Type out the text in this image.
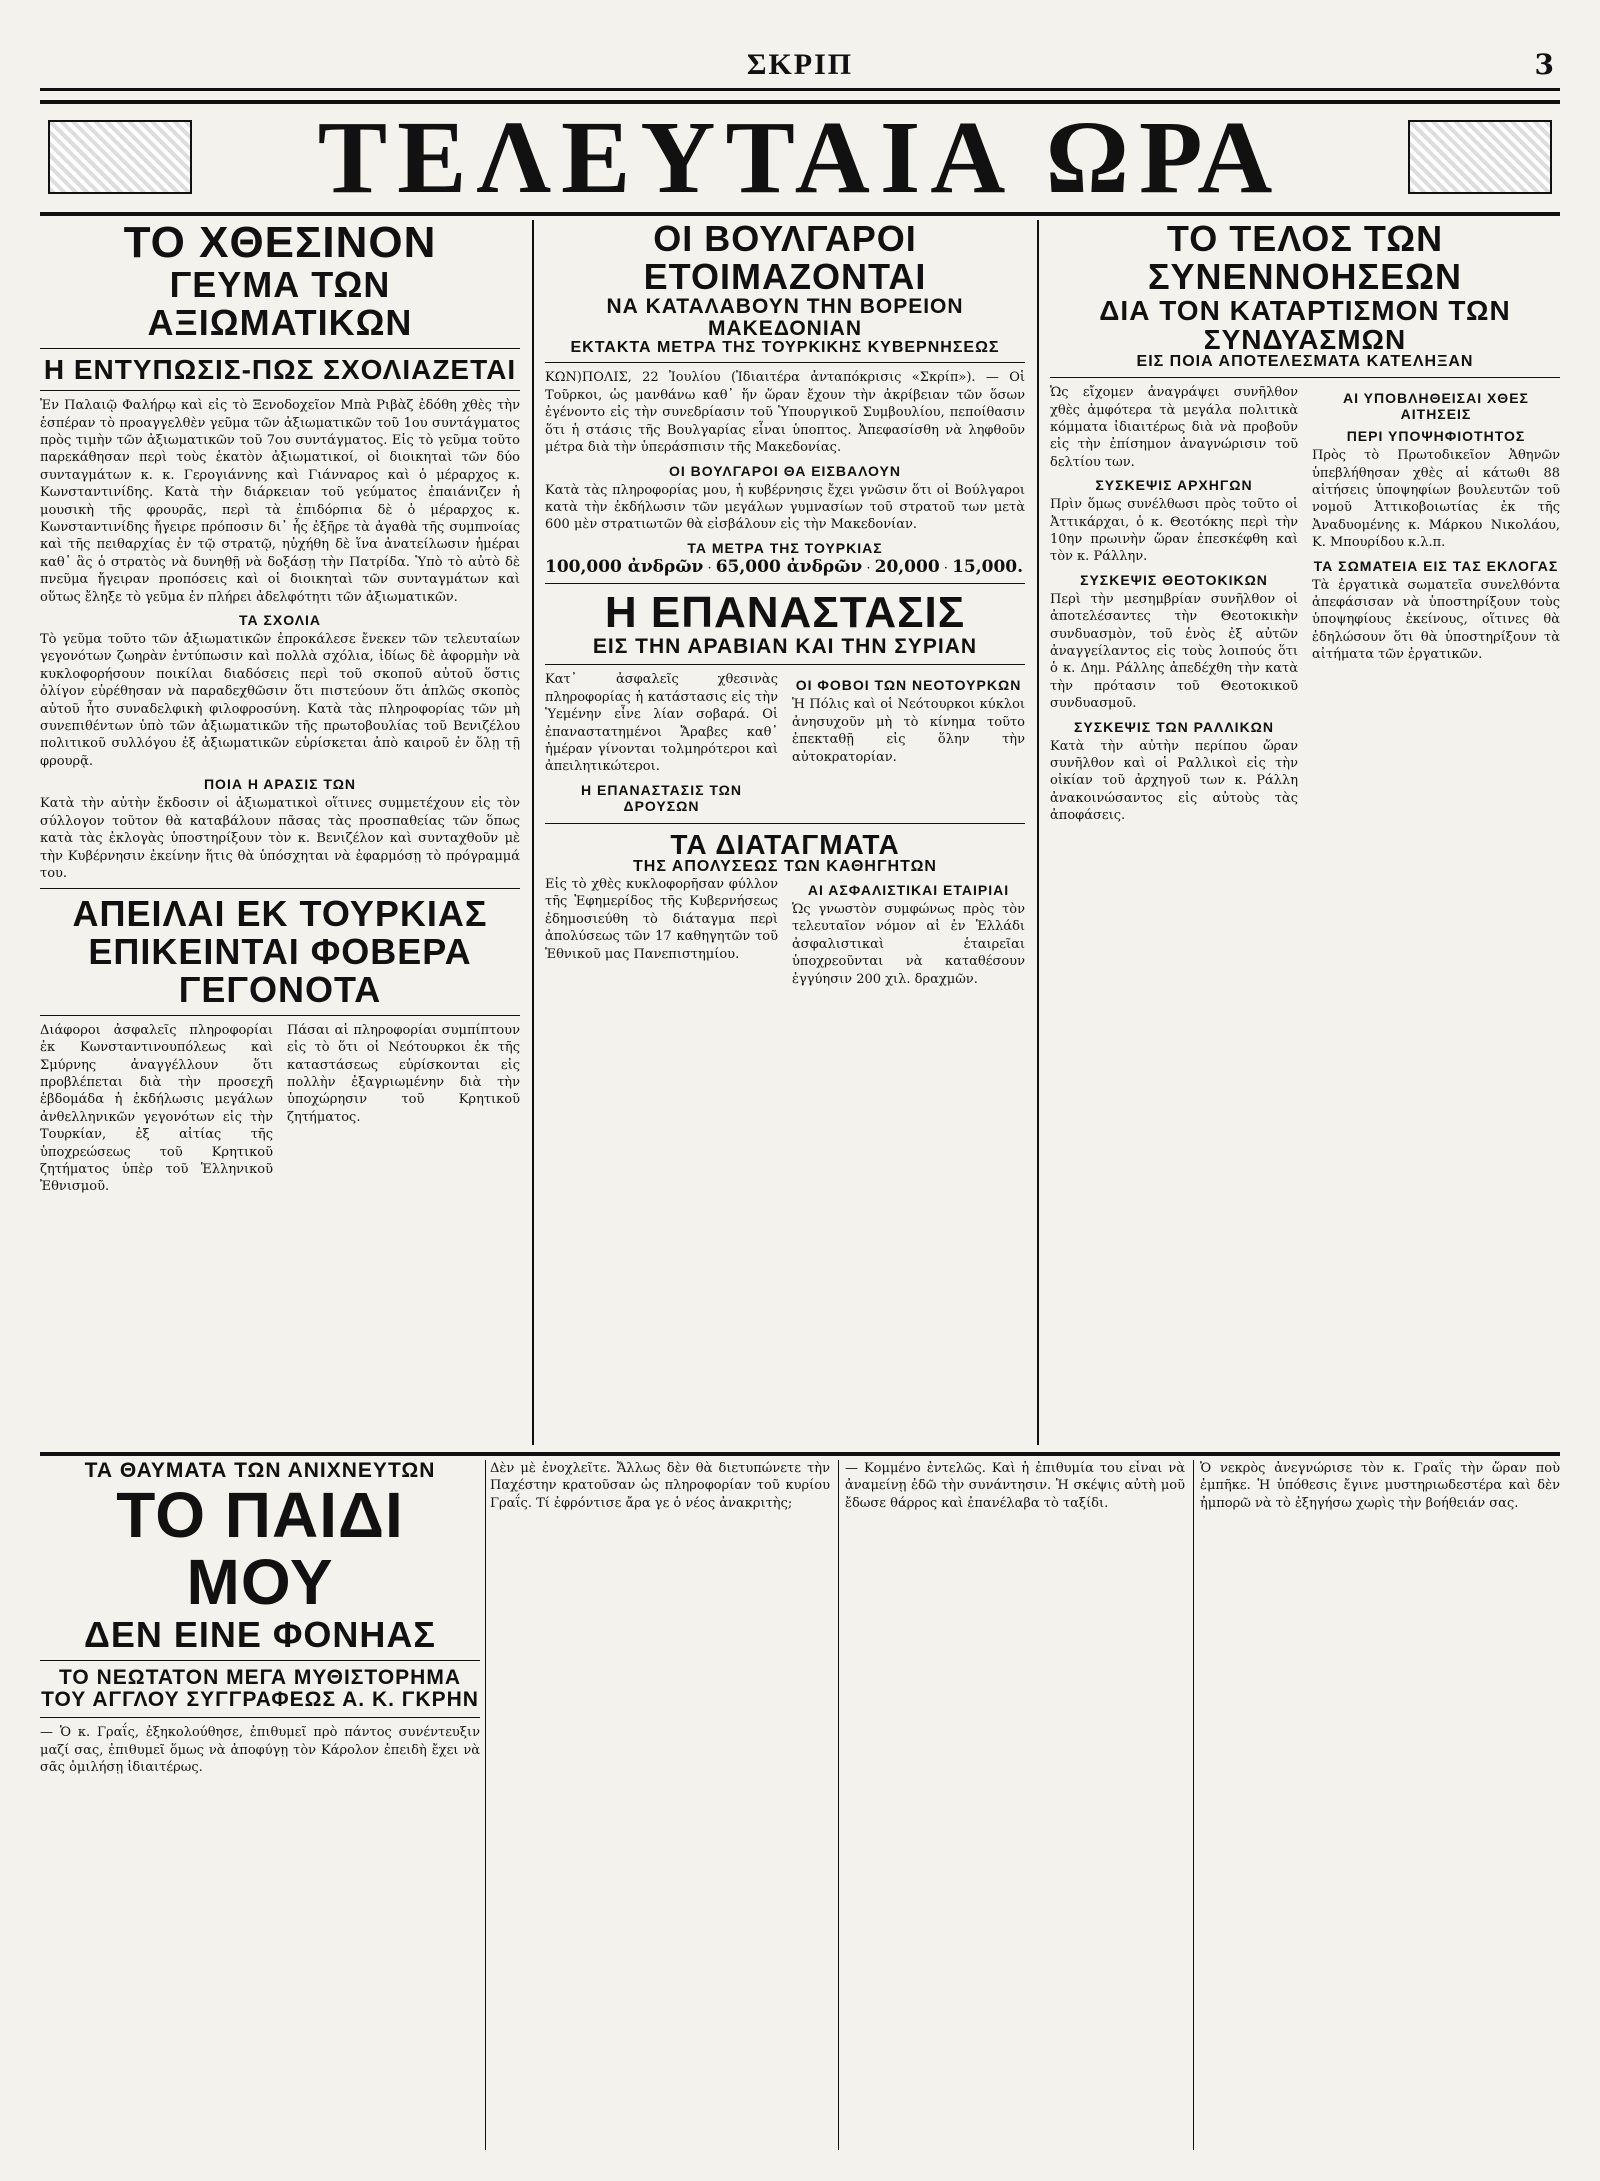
ΣΚΡΙΠ	3
ΤΕΛΕΥΤΑΙΑ ΩΡΑ

ΤΟ ΧΘΕΣΙΝΟΝ

ΓΕΥΜΑ ΤΩΝ ΑΞΙΩΜΑΤΙΚΩΝ

Η ΕΝΤΥΠΩΣΙΣ-ΠΩΣ ΣΧΟΛΙΑΖΕΤΑΙ

Ἐν Παλαιῷ Φαλήρῳ καὶ εἰς τὸ Ξενοδοχεῖον Μπὰ Ριβὰζ ἐδόθη χθὲς τὴν ἑσπέραν τὸ προαγγελθὲν γεῦμα τῶν ἀξιωματικῶν τοῦ 1ου συντάγματος πρὸς τιμὴν τῶν ἀξιωματικῶν τοῦ 7ου συντάγματος. Εἰς τὸ γεῦμα τοῦτο παρεκάθησαν περὶ τοὺς ἑκατὸν ἀξιωματικοί, οἱ διοικηταὶ τῶν δύο συνταγμάτων κ. κ. Γερογιάννης καὶ Γιάνναρος καὶ ὁ μέραρχος κ. Κωνσταντινίδης. Κατὰ τὴν διάρκειαν τοῦ γεύματος ἐπαιάνιζεν ἡ μουσικὴ τῆς φρουρᾶς, περὶ τὰ ἐπιδόρπια δὲ ὁ μέραρχος κ. Κωνσταντινίδης ἤγειρε πρόποσιν δι᾽ ἧς ἐξῆρε τὰ ἀγαθὰ τῆς συμπνοίας καὶ τῆς πειθαρχίας ἐν τῷ στρατῷ, ηὐχήθη δὲ ἵνα ἀνατείλωσιν ἡμέραι καθ᾽ ἃς ὁ στρατὸς νὰ δυνηθῇ νὰ δοξάσῃ τὴν Πατρίδα. Ὑπὸ τὸ αὐτὸ δὲ πνεῦμα ἤγειραν προπόσεις καὶ οἱ διοικηταὶ τῶν συνταγμάτων καὶ οὕτως ἔληξε τὸ γεῦμα ἐν πλήρει ἀδελφότητι τῶν ἀξιωματικῶν.

ΤΑ ΣΧΟΛΙΑ

Τὸ γεῦμα τοῦτο τῶν ἀξιωματικῶν ἐπροκάλεσε ἔνεκεν τῶν τελευταίων γεγονότων ζωηρὰν ἐντύπωσιν καὶ πολλὰ σχόλια, ἰδίως δὲ ἀφορμὴν νὰ κυκλοφορήσουν ποικίλαι διαδόσεις περὶ τοῦ σκοποῦ αὐτοῦ ὅστις ὀλίγον εὑρέθησαν νὰ παραδεχθῶσιν ὅτι πιστεύουν ὅτι ἁπλῶς σκοπὸς αὐτοῦ ἦτο συναδελφικὴ φιλοφροσύνη. Κατὰ τὰς πληροφορίας τῶν μὴ συνεπιθέντων ὑπὸ τῶν ἀξιωματικῶν τῆς πρωτοβουλίας τοῦ Βενιζέλου πολιτικοῦ συλλόγου ἐξ ἀξιωματικῶν εὑρίσκεται ἀπὸ καιροῦ ἐν ὅλῃ τῇ φρουρᾷ.

ΠΟΙΑ Η ΑΡΑΣΙΣ ΤΩΝ

Κατὰ τὴν αὐτὴν ἔκδοσιν οἱ ἀξιωματικοὶ οἵτινες συμμετέχουν εἰς τὸν σύλλογον τοῦτον θὰ καταβάλουν πᾶσας τὰς προσπαθείας τῶν ὅπως κατὰ τὰς ἐκλογὰς ὑποστηρίξουν τὸν κ. Βενιζέλον καὶ συνταχθοῦν μὲ τὴν Κυβέρνησιν ἐκείνην ἥτις θὰ ὑπόσχηται νὰ ἐφαρμόσῃ τὸ πρόγραμμά του.

ΑΠΕΙΛΑΙ ΕΚ ΤΟΥΡΚΙΑΣ

ΕΠΙΚΕΙΝΤΑΙ ΦΟΒΕΡΑ ΓΕΓΟΝΟΤΑ

Διάφοροι ἀσφαλεῖς πληροφορίαι ἐκ Κωνσταντινουπόλεως καὶ Σμύρνης ἀναγγέλλουν ὅτι προβλέπεται διὰ τὴν προσεχῆ ἑβδομάδα ἡ ἐκδήλωσις μεγάλων ἀνθελληνικῶν γεγονότων εἰς τὴν Τουρκίαν, ἐξ αἰτίας τῆς ὑποχρεώσεως τοῦ Κρητικοῦ ζητήματος ὑπὲρ τοῦ Ἑλληνικοῦ Ἐθνισμοῦ.

Πάσαι αἱ πληροφορίαι συμπίπτουν εἰς τὸ ὅτι οἱ Νεότουρκοι ἐκ τῆς καταστάσεως εὑρίσκονται εἰς πολλὴν ἐξαγριωμένην διὰ τὴν ὑποχώρησιν τοῦ Κρητικοῦ ζητήματος.

ΟΙ ΒΟΥΛΓΑΡΟΙ ΕΤΟΙΜΑΖΟΝΤΑΙ

ΝΑ ΚΑΤΑΛΑΒΟΥΝ ΤΗΝ ΒΟΡΕΙΟΝ ΜΑΚΕΔΟΝΙΑΝ

ΕΚΤΑΚΤΑ ΜΕΤΡΑ ΤΗΣ ΤΟΥΡΚΙΚΗΣ ΚΥΒΕΡΝΗΣΕΩΣ

ΚΩΝ)ΠΟΛΙΣ, 22 Ἰουλίου (Ἰδιαιτέρα ἀνταπόκρισις «Σκρίπ»). — Οἱ Τοῦρκοι, ὡς μανθάνω καθ᾽ ἥν ὥραν ἔχουν τὴν ἀκρίβειαν τῶν ὅσων ἐγένοντο εἰς τὴν συνεδρίασιν τοῦ Ὑπουργικοῦ Συμβουλίου, πεποίθασιν ὅτι ἡ στάσις τῆς Βουλγαρίας εἶναι ὑποπτος. Ἀπεφασίσθη νὰ ληφθοῦν μέτρα διὰ τὴν ὑπεράσπισιν τῆς Μακεδονίας.

ΟΙ ΒΟΥΛΓΑΡΟΙ ΘΑ ΕΙΣΒΑΛΟΥΝ

Κατὰ τὰς πληροφορίας μου, ἡ κυβέρνησις ἔχει γνῶσιν ὅτι οἱ Βούλγαροι κατὰ τὴν ἐκδήλωσιν τῶν μεγάλων γυμνασίων τοῦ στρατοῦ των μετὰ 600 μὲν στρατιωτῶν θὰ εἰσβάλουν εἰς τὴν Μακεδονίαν.

ΤΑ ΜΕΤΡΑ ΤΗΣ ΤΟΥΡΚΙΑΣ

100,000 ἀνδρῶν · 65,000 ἀνδρῶν · 20,000 · 15,000.

Η ΕΠΑΝΑΣΤΑΣΙΣ

ΕΙΣ ΤΗΝ ΑΡΑΒΙΑΝ ΚΑΙ ΤΗΝ ΣΥΡΙΑΝ

Κατ᾽ ἀσφαλεῖς χθεσινὰς πληροφορίας ἡ κατάστασις εἰς τὴν Ὑεμένην εἶνε λίαν σοβαρά. Οἱ ἐπαναστατημένοι Ἄραβες καθ᾽ ἡμέραν γίνονται τολμηρότεροι καὶ ἀπειλητικώτεροι.

Η ΕΠΑΝΑΣΤΑΣΙΣ ΤΩΝ ΔΡΟΥΣΩΝ

ΟΙ ΦΟΒΟΙ ΤΩΝ ΝΕΟΤΟΥΡΚΩΝ

Ἡ Πόλις καὶ οἱ Νεότουρκοι κύκλοι ἀνησυχοῦν μὴ τὸ κίνημα τοῦτο ἐπεκταθῇ εἰς ὅλην τὴν αὐτοκρατορίαν.

ΤΑ ΔΙΑΤΑΓΜΑΤΑ

ΤΗΣ ΑΠΟΛΥΣΕΩΣ ΤΩΝ ΚΑΘΗΓΗΤΩΝ

Εἰς τὸ χθὲς κυκλοφορῆσαν φύλλον τῆς Ἐφημερίδος τῆς Κυβερνήσεως ἐδημοσιεύθη τὸ διάταγμα περὶ ἀπολύσεως τῶν 17 καθηγητῶν τοῦ Ἐθνικοῦ μας Πανεπιστημίου.

ΑΙ ΑΣΦΑΛΙΣΤΙΚΑΙ ΕΤΑΙΡΙΑΙ

Ὡς γνωστὸν συμφώνως πρὸς τὸν τελευταῖον νόμον αἱ ἐν Ἑλλάδι ἀσφαλιστικαὶ ἑταιρεῖαι ὑποχρεοῦνται νὰ καταθέσουν ἐγγύησιν 200 χιλ. δραχμῶν.

ΤΟ ΤΕΛΟΣ ΤΩΝ ΣΥΝΕΝΝΟΗΣΕΩΝ

ΔΙΑ ΤΟΝ ΚΑΤΑΡΤΙΣΜΟΝ ΤΩΝ ΣΥΝΔΥΑΣΜΩΝ

ΕΙΣ ΠΟΙΑ ΑΠΟΤΕΛΕΣΜΑΤΑ ΚΑΤΕΛΗΞΑΝ

Ὡς εἴχομεν ἀναγράψει συνῆλθον χθὲς ἀμφότερα τὰ μεγάλα πολιτικὰ κόμματα ἰδιαιτέρως διὰ νὰ προβοῦν εἰς τὴν ἐπίσημον ἀναγνώρισιν τοῦ δελτίου των.

ΣΥΣΚΕΨΙΣ ΑΡΧΗΓΩΝ

Πρὶν ὅμως συνέλθωσι πρὸς τοῦτο οἱ Ἀττικάρχαι, ὁ κ. Θεοτόκης περὶ τὴν 10ην πρωινὴν ὥραν ἐπεσκέφθη καὶ τὸν κ. Ράλλην.

ΣΥΣΚΕΨΙΣ ΘΕΟΤΟΚΙΚΩΝ

Περὶ τὴν μεσημβρίαν συνῆλθον οἱ ἀποτελέσαντες τὴν Θεοτοκικὴν συνδυασμὸν, τοῦ ἑνὸς ἐξ αὐτῶν ἀναγγείλαντος εἰς τοὺς λοιπούς ὅτι ὁ κ. Δημ. Ράλλης ἀπεδέχθη τὴν κατὰ τὴν πρότασιν τοῦ Θεοτοκικοῦ συνδυασμοῦ.

ΣΥΣΚΕΨΙΣ ΤΩΝ ΡΑΛΛΙΚΩΝ

Κατὰ τὴν αὐτὴν περίπου ὥραν συνῆλθον καὶ οἱ Ραλλικοὶ εἰς τὴν οἰκίαν τοῦ ἀρχηγοῦ των κ. Ράλλη ἀνακοινώσαντος εἰς αὐτοὺς τὰς ἀποφάσεις.

ΑΙ ΥΠΟΒΛΗΘΕΙΣΑΙ ΧΘΕΣ ΑΙΤΗΣΕΙΣ

ΠΕΡΙ ΥΠΟΨΗΦΙΟΤΗΤΟΣ

Πρὸς τὸ Πρωτοδικεῖον Ἀθηνῶν ὑπεβλήθησαν χθὲς αἱ κάτωθι 88 αἰτήσεις ὑποψηφίων βουλευτῶν τοῦ νομοῦ Ἀττικοβοιωτίας ἐκ τῆς Ἀναδυομένης κ. Μάρκου Νικολάου, Κ. Μπουρίδου κ.λ.π.

ΤΑ ΣΩΜΑΤΕΙΑ ΕΙΣ ΤΑΣ ΕΚΛΟΓΑΣ

Τὰ ἐργατικὰ σωματεῖα συνελθόντα ἀπεφάσισαν νὰ ὑποστηρίξουν τοὺς ὑποψηφίους ἐκείνους, οἵτινες θὰ ἐδηλώσουν ὅτι θὰ ὑποστηρίξουν τὰ αἰτήματα τῶν ἐργατικῶν.

ΤΑ ΘΑΥΜΑΤΑ ΤΩΝ ΑΝΙΧΝΕΥΤΩΝ

ΤΟ ΠΑΙΔΙ ΜΟΥ

ΔΕΝ ΕΙΝΕ ΦΟΝΗΑΣ

ΤΟ ΝΕΩΤΑΤΟΝ ΜΕΓΑ ΜΥΘΙΣΤΟΡΗΜΑ

ΤΟΥ ΑΓΓΛΟΥ ΣΥΓΓΡΑΦΕΩΣ Α. Κ. ΓΚΡΗΝ

— Ὁ κ. Γραΐς, ἐξηκολούθησε, ἐπιθυμεῖ πρὸ πάντος συνέντευξιν μαζί σας, ἐπιθυμεῖ ὅμως νὰ ἀποφύγῃ τὸν Κάρολον ἐπειδὴ ἔχει νὰ σᾶς ὁμιλήσῃ ἰδιαιτέρως.

Δὲν μὲ ἐνοχλεῖτε. Ἄλλως δὲν θὰ διετυπώνετε τὴν Παχέστην κρατοῦσαν ὡς πληροφορίαν τοῦ κυρίου Γραΐς. Τί ἐφρόντισε ἄρα γε ὁ νέος ἀνακριτὴς;

— Κομμένο ἐντελῶς. Καὶ ἡ ἐπιθυμία του εἶναι νὰ ἀναμείνῃ ἐδῶ τὴν συνάντησιν. Ἡ σκέψις αὐτὴ μοῦ ἔδωσε θάρρος καὶ ἐπανέλαβα τὸ ταξίδι.

Ὁ νεκρὸς ἀνεγνώρισε τὸν κ. Γραΐς τὴν ὥραν ποὺ ἐμπῆκε. Ἡ ὑπόθεσις ἔγινε μυστηριωδεστέρα καὶ δὲν ἠμπορῶ νὰ τὸ ἐξηγήσω χωρὶς τὴν βοήθειάν σας.
